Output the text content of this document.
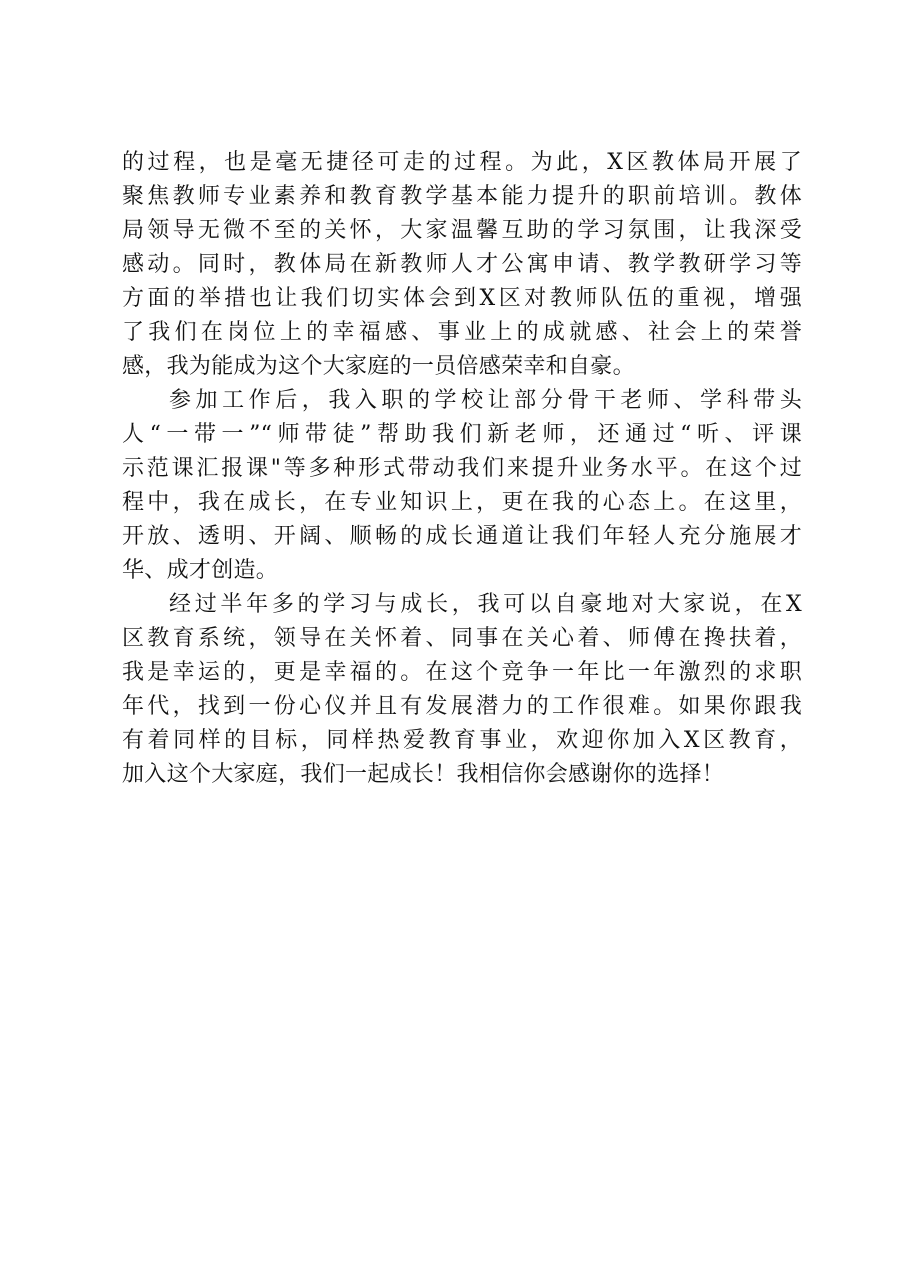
的过程，也是毫无捷径可走的过程。为此，X区教体局开展了
聚焦教师专业素养和教育教学基本能力提升的职前培训。教体
局领导无微不至的关怀，大家温馨互助的学习氛围，让我深受
感动。同时，教体局在新教师人才公寓申请、教学教研学习等
方面的举措也让我们切实体会到X区对教师队伍的重视，增强
了我们在岗位上的幸福感、事业上的成就感、社会上的荣誉
感，我为能成为这个大家庭的一员倍感荣幸和自豪。
参加工作后，我入职的学校让部分骨干老师、学科带头
人“一带一”“师带徒”帮助我们新老师，还通过“听、评课
示范课汇报课"等多种形式带动我们来提升业务水平。在这个过
程中，我在成长，在专业知识上，更在我的心态上。在这里，
开放、透明、开阔、顺畅的成长通道让我们年轻人充分施展才
华、成才创造。
经过半年多的学习与成长，我可以自豪地对大家说，在X
区教育系统，领导在关怀着、同事在关心着、师傅在搀扶着，
我是幸运的，更是幸福的。在这个竞争一年比一年激烈的求职
年代，找到一份心仪并且有发展潜力的工作很难。如果你跟我
有着同样的目标，同样热爱教育事业，欢迎你加入X区教育，
加入这个大家庭，我们一起成长！我相信你会感谢你的选择！
